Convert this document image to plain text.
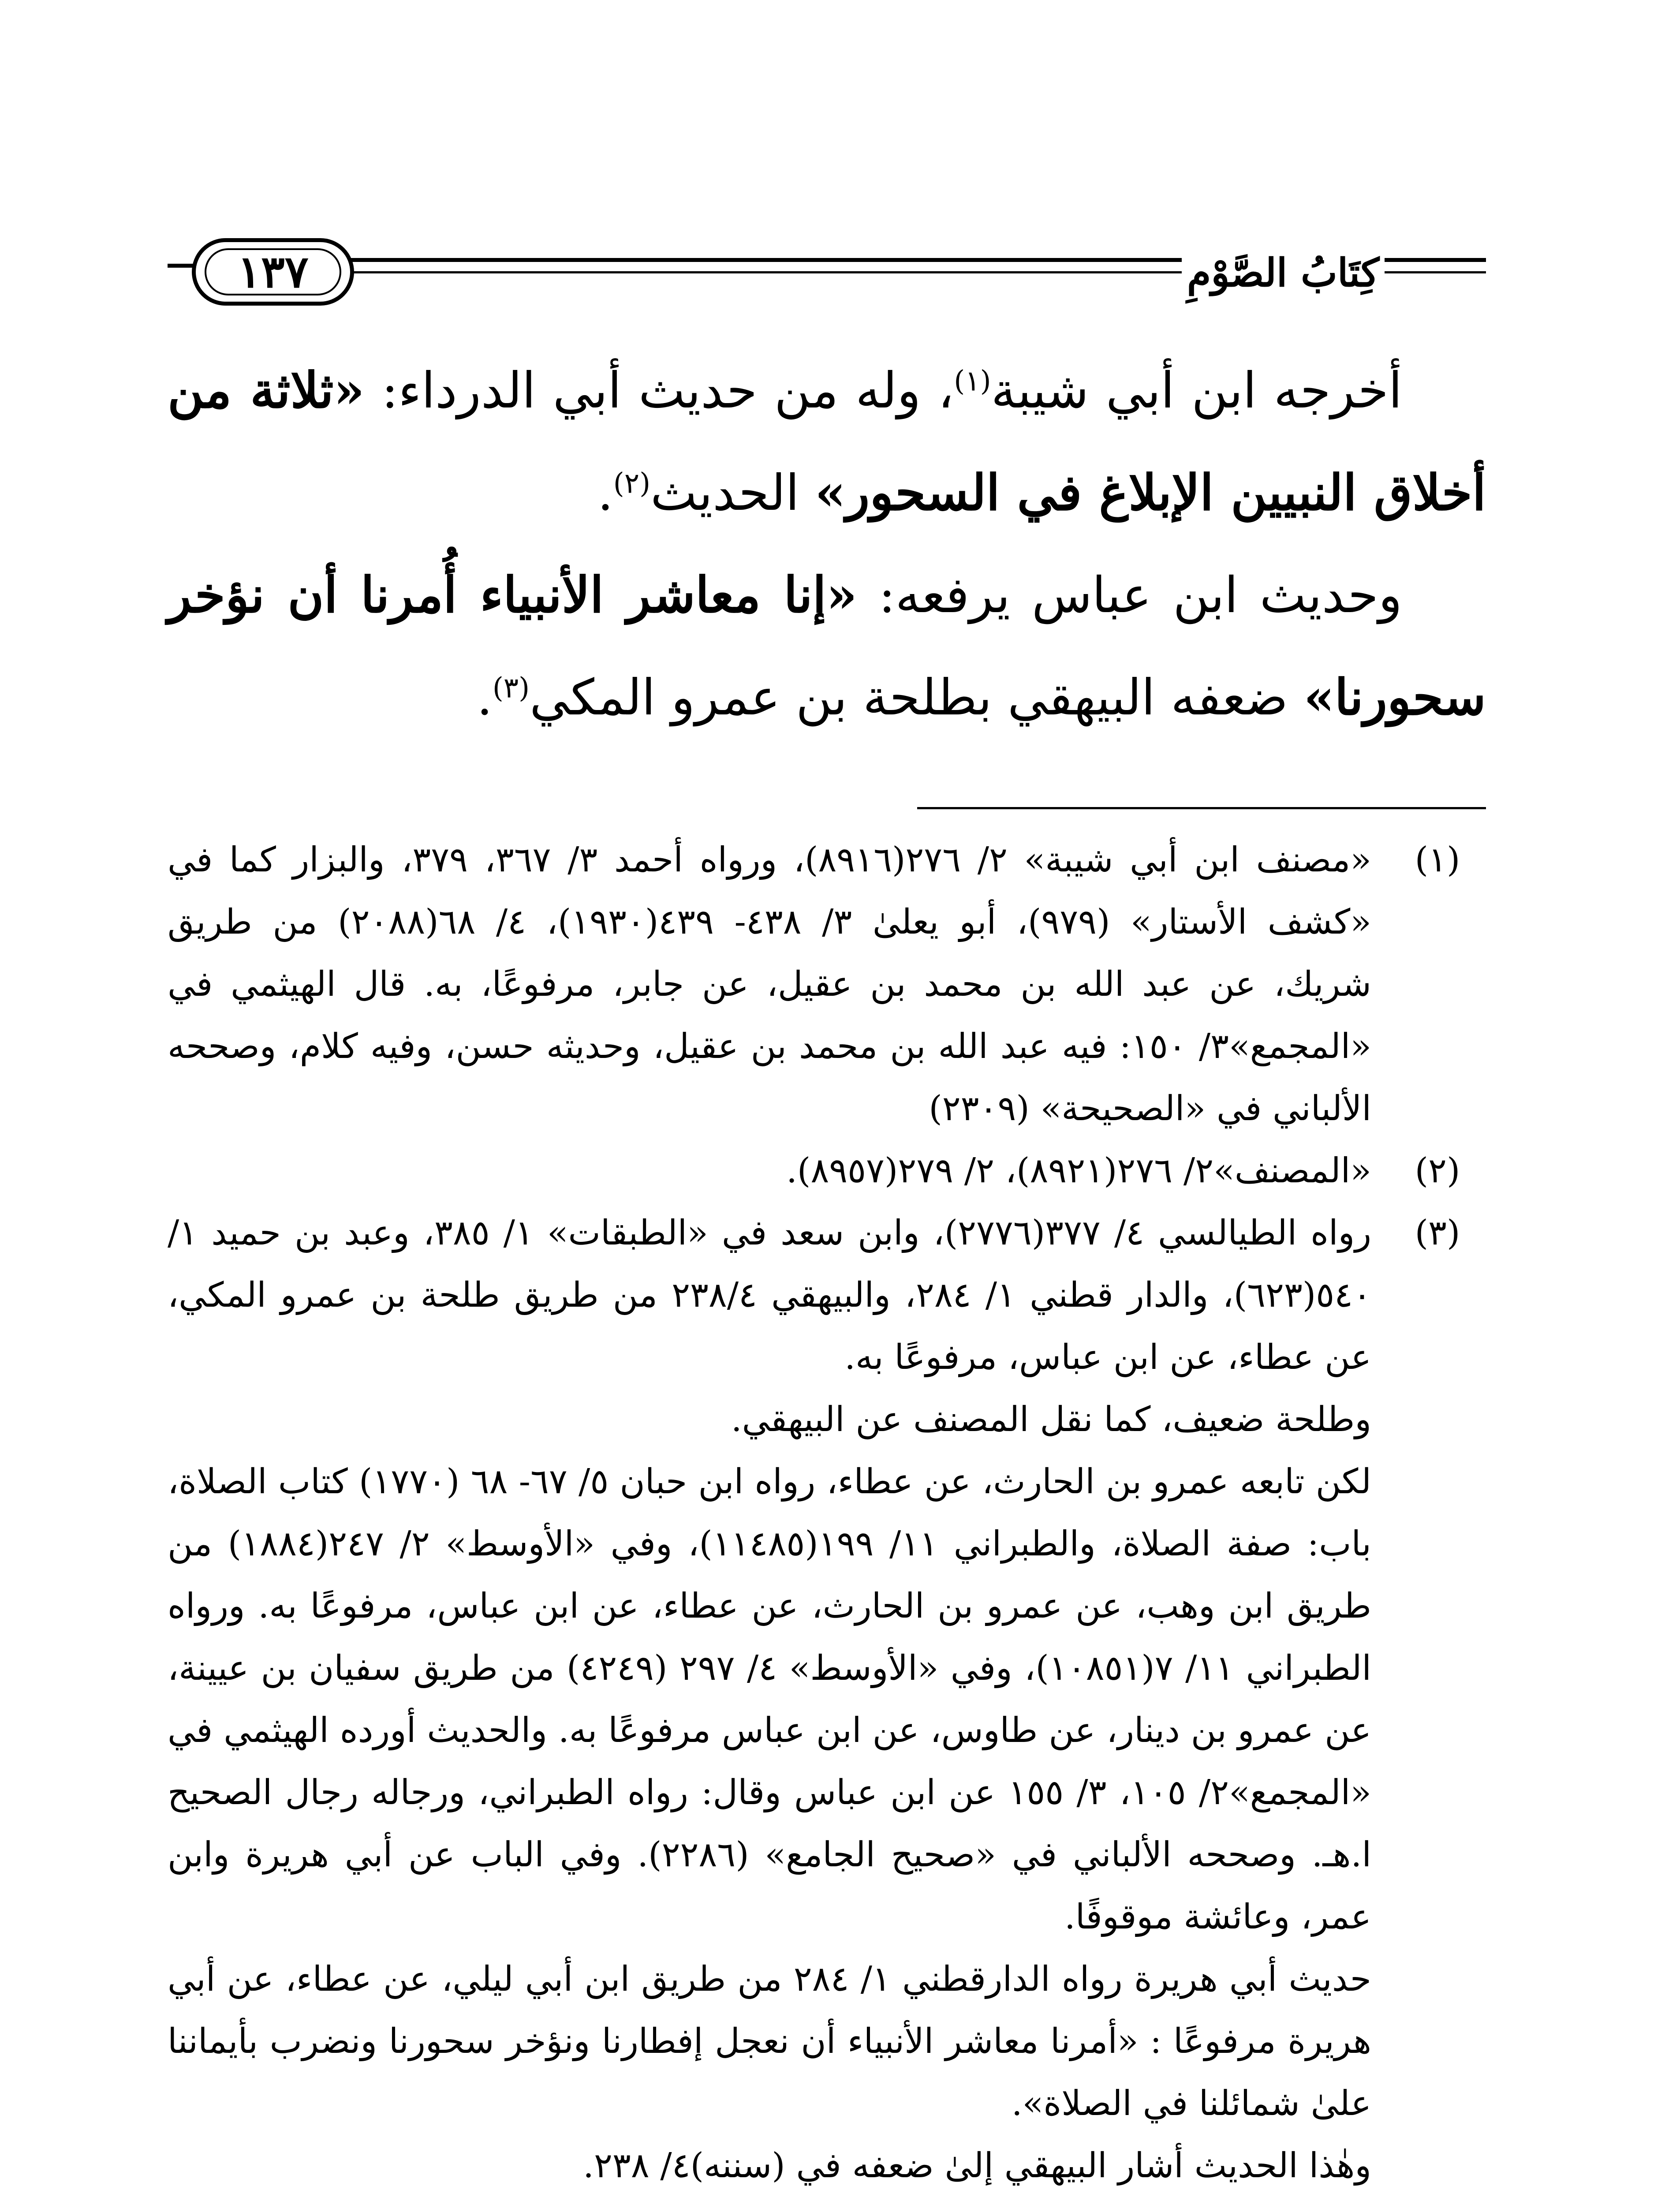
كِتَابُ الصَّوْمِ
١٣٧

أخرجه ابن أبي شيبة$^{(١)}$، وله من حديث أبي الدرداء: «ثلاثة من أخلاق النبيين الإبلاغ في السحور» الحديث$^{(٢)}$.

وحديث ابن عباس يرفعه: «إنا معاشر الأنبياء أُمرنا أن نؤخر سحورنا» ضعفه البيهقي بطلحة بن عمرو المكي$^{(٣)}$.

(١)

«مصنف ابن أبي شيبة» ٢/ ٢٧٦(٨٩١٦)، ورواه أحمد ٣/ ٣٦٧، ٣٧٩، والبزار كما في «كشف الأستار» (٩٧٩)، أبو يعلىٰ ٣/ ٤٣٨- ٤٣٩(١٩٣٠)، ٤/ ٦٨(٢٠٨٨) من طريق شريك، عن عبد الله بن محمد بن عقيل، عن جابر، مرفوعًا، به. قال الهيثمي في «المجمع»٣/ ١٥٠: فيه عبد الله بن محمد بن عقيل، وحديثه حسن، وفيه كلام، وصححه الألباني في «الصحيحة» (٢٣٠٩)

(٢)

«المصنف»٢/ ٢٧٦(٨٩٢١)، ٢/ ٢٧٩(٨٩٥٧).

(٣)

رواه الطيالسي ٤/ ٣٧٧(٢٧٧٦)، وابن سعد في «الطبقات» ١/ ٣٨٥، وعبد بن حميد ١/ ٥٤٠(٦٢٣)، والدار قطني ١/ ٢٨٤، والبيهقي ٢٣٨/٤ من طريق طلحة بن عمرو المكي، عن عطاء، عن ابن عباس، مرفوعًا به.

وطلحة ضعيف، كما نقل المصنف عن البيهقي.

لكن تابعه عمرو بن الحارث، عن عطاء، رواه ابن حبان ٥/ ٦٧- ٦٨ (١٧٧٠) كتاب الصلاة، باب: صفة الصلاة، والطبراني ١١/ ١٩٩(١١٤٨٥)، وفي «الأوسط» ٢/ ٢٤٧(١٨٨٤) من طريق ابن وهب، عن عمرو بن الحارث، عن عطاء، عن ابن عباس، مرفوعًا به. ورواه الطبراني ١١/ ٧(١٠٨٥١)، وفي «الأوسط» ٤/ ٢٩٧ (٤٢٤٩) من طريق سفيان بن عيينة، عن عمرو بن دينار، عن طاوس، عن ابن عباس مرفوعًا به. والحديث أورده الهيثمي في «المجمع»٢/ ١٠٥، ٣/ ١٥٥ عن ابن عباس وقال: رواه الطبراني، ورجاله رجال الصحيح ا.هـ. وصححه الألباني في «صحيح الجامع» (٢٢٨٦). وفي الباب عن أبي هريرة وابن عمر، وعائشة موقوفًا.

حديث أبي هريرة رواه الدارقطني ١/ ٢٨٤ من طريق ابن أبي ليلي، عن عطاء، عن أبي هريرة مرفوعًا : «أمرنا معاشر الأنبياء أن نعجل إفطارنا ونؤخر سحورنا ونضرب بأيماننا علىٰ شمائلنا في الصلاة».

وهٰذا الحديث أشار البيهقي إلىٰ ضعفه في (سننه)٤/ ٢٣٨.
